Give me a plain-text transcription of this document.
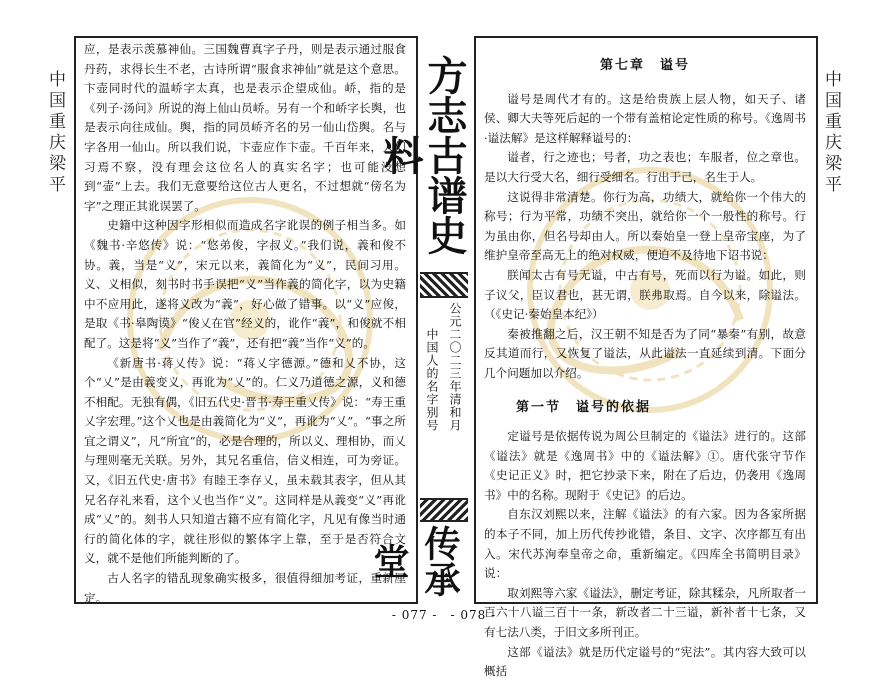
中国重庆梁平	中国重庆梁平
方志古谱史料
公元二〇二三年清和月
中国人的名字别号
传承堂

应，是表示羡慕神仙。三国魏曹真字子丹，则是表示通过服食丹药，求得长生不老，古诗所谓“服食求神仙”就是这个意思。卞壶同时代的温峤字太真，也是表示企望成仙。峤，指的是《列子·汤问》所说的海上仙山员峤。另有一个和峤字长舆，也是表示向往成仙。舆，指的同员峤齐名的另一仙山岱舆。名与字各用一仙山。所以我们说，卞壶应作卞壶。千百年来，人们习焉不察，没有理会这位名人的真实名字；也可能没想到“壶”上去。我们无意要给这位古人更名，不过想就“傍名为字”之理正其讹误罢了。

史籍中这种因字形相似而造成名字讹误的例子相当多。如《魏书·辛悠传》说：“悠弟俊，字叔义。”我们说，義和俊不协。義，当是“义”，宋元以来，義简化为“义”，民间习用。义、义相似，刻书时书手误把“义”当作義的简化字，以为史籍中不应用此，遂将义改为“義”，好心做了错事。以“义”应俊，是取《书·皋陶谟》“俊乂在官”经义的，讹作“義”，和俊就不相配了。这是将“义”当作了“義”，还有把“義”当作“义”的。

《新唐书·蒋乂传》说：“蒋乂字德源。”德和乂不协，这个“乂”是由義变义，再讹为“乂”的。仁义乃道德之源，义和德不相配。无独有偶，《旧五代史·晋书·寿王重乂传》说：“寿王重乂字宏理。”这个乂也是由義简化为“义”，再讹为“乂”。“事之所宜之谓义”，凡“所宜”的，必是合理的，所以义、理相协，而乂与理则毫无关联。另外，其兄名重信，信义相连，可为旁证。又，《旧五代史·唐书》有睦王李存乂，虽未载其表字，但从其兄名存礼来看，这个乂也当作“义”。这同样是从義变“义”再讹成“乂”的。刻书人只知道古籍不应有简化字，凡见有像当时通行的简化体的字，就往形似的繁体字上靠，至于是否符合文义，就不是他们所能判断的了。

古人名字的错乱现象确实极多，很值得细加考证，重新厘定。

第七章　谥号

谥号是周代才有的。这是给贵族上层人物，如天子、诸侯、卿大夫等死后起的一个带有盖棺论定性质的称号。《逸周书·谥法解》是这样解释谥号的：

谥者，行之迹也；号者，功之表也；车服者，位之章也。是以大行受大名，细行受细名。行出于己，名生于人。

这说得非常清楚。你行为高，功绩大，就给你一个伟大的称号；行为平常，功绩不突出，就给你一个一般性的称号。行为虽由你，但名号却由人。所以秦始皇一登上皇帝宝座，为了维护皇帝至高无上的绝对权威，便迫不及待地下诏书说：

朕闻太古有号无谥，中古有号，死而以行为谥。如此，则子议父，臣议君也，甚无谓，朕弗取焉。自今以来，除谥法。（《史记·秦始皇本纪》）

秦被推翻之后，汉王朝不知是否为了同“暴秦”有别，故意反其道而行，又恢复了谥法，从此谥法一直延续到清。下面分几个问题加以介绍。

第一节　谥号的依据

定谥号是依据传说为周公旦制定的《谥法》进行的。这部《谥法》就是《逸周书》中的《谥法解》①。唐代张守节作《史记正义》时，把它抄录下来，附在了后边，仍袭用《逸周书》中的名称。现附于《史记》的后边。

自东汉刘熙以来，注解《谥法》的有六家。因为各家所据的本子不同，加上历代传抄讹错，条目、文字、次序都互有出入。宋代苏洵奉皇帝之命，重新编定。《四库全书简明目录》说：

取刘熙等六家《谥法》，删定考证，除其糅杂，凡所取者一百六十八谥三百十一条，新改者二十三谥，新补者十七条，又有七法八类，于旧文多所刊正。

这部《谥法》就是历代定谥号的“宪法”。其内容大致可以概括

- 077 -　- 078 -
